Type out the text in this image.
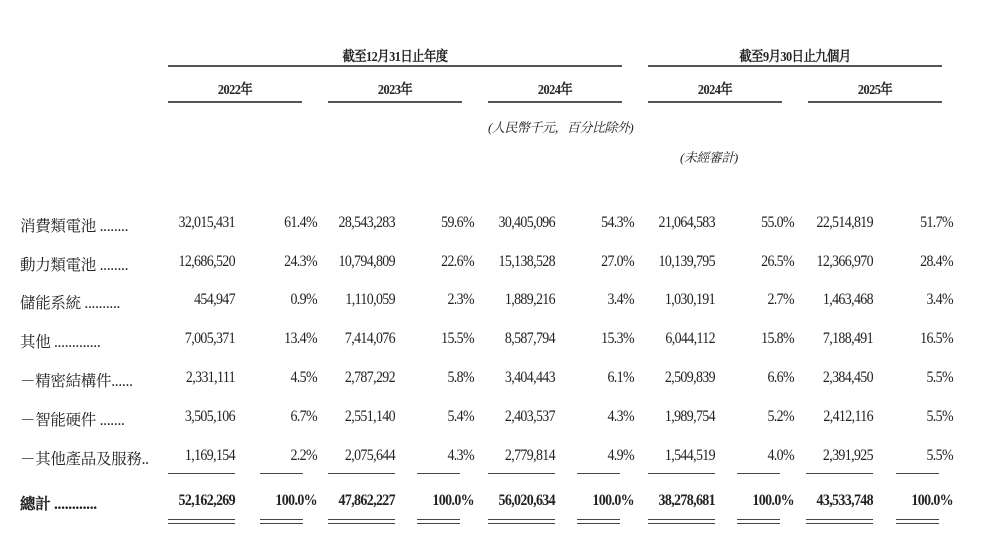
截至12月31日止年度	截至9月30日止九個月
2022年	2023年	2024年	2024年	2025年
(人民幣千元，百分比除外)
(未經審計)
消費類電池 ........	32,015,431	61.4%	28,543,283	59.6%	30,405,096	54.3%	21,064,583	55.0%	22,514,819	51.7%
動力類電池 ........	12,686,520	24.3%	10,794,809	22.6%	15,138,528	27.0%	10,139,795	26.5%	12,366,970	28.4%
儲能系統 ..........	454,947	0.9%	1,110,059	2.3%	1,889,216	3.4%	1,030,191	2.7%	1,463,468	3.4%
其他 .............	7,005,371	13.4%	7,414,076	15.5%	8,587,794	15.3%	6,044,112	15.8%	7,188,491	16.5%
－精密結構件......	2,331,111	4.5%	2,787,292	5.8%	3,404,443	6.1%	2,509,839	6.6%	2,384,450	5.5%
－智能硬件 .......	3,505,106	6.7%	2,551,140	5.4%	2,403,537	4.3%	1,989,754	5.2%	2,412,116	5.5%
－其他產品及服務..	1,169,154	2.2%	2,075,644	4.3%	2,779,814	4.9%	1,544,519	4.0%	2,391,925	5.5%
總計 ............	52,162,269	100.0%	47,862,227	100.0%	56,020,634	100.0%	38,278,681	100.0%	43,533,748	100.0%
